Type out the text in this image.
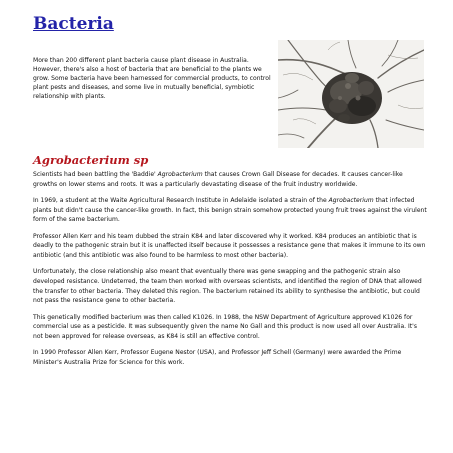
Bacteria

More than 200 different plant bacteria cause plant disease in Australia. However, there's also a host of bacteria that are beneficial to the plants we grow. Some bacteria have been harnessed for commercial products, to control plant pests and diseases, and some live in mutually beneficial, symbiotic relationship with plants.

Agrobacterium sp

Scientists had been battling the 'Baddie' Agrobacterium that causes Crown Gall Disease for decades. It causes cancer-like growths on lower stems and roots. It was a particularly devastating disease of the fruit industry worldwide.

In 1969, a student at the Waite Agricultural Research Institute in Adelaide isolated a strain of the Agrobacterium that infected plants but didn't cause the cancer-like growth. In fact, this benign strain somehow protected young fruit trees against the virulent form of the same bacterium.

Professor Allen Kerr and his team dubbed the strain K84 and later discovered why it worked. K84 produces an antibiotic that is deadly to the pathogenic strain but it is unaffected itself because it possesses a resistance gene that makes it immune to its own antibiotic (and this antibiotic was also found to be harmless to most other bacteria).

Unfortunately, the close relationship also meant that eventually there was gene swapping and the pathogenic strain also developed resistance. Undeterred, the team then worked with overseas scientists, and identified the region of DNA that allowed the transfer to other bacteria. They deleted this region. The bacterium retained its ability to synthesise the antibiotic, but could not pass the resistance gene to other bacteria.

This genetically modified bacterium was then called K1026. In 1988, the NSW Department of Agriculture approved K1026 for commercial use as a pesticide. It was subsequently given the name No Gall and this product is now used all over Australia. It's not been approved for release overseas, as K84 is still an effective control.

In 1990 Professor Allen Kerr, Professor Eugene Nestor (USA), and Professor Jeff Schell (Germany) were awarded the Prime Minister's Australia Prize for Science for this work.
